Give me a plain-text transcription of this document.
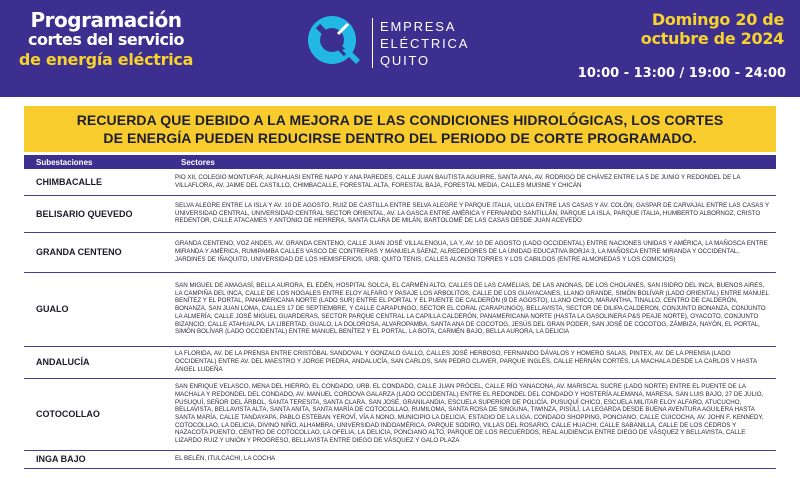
Programación
cortes del servicio
de energía eléctrica
EMPRESA
ELÉCTRICA
QUITO
Domingo 20 de
octubre de 2024
10:00 - 13:00 / 19:00 - 24:00
RECUERDA QUE DEBIDO A LA MEJORA DE LAS CONDICIONES HIDROLÓGICAS, LOS CORTES
DE ENERGÍA PUEDEN REDUCIRSE DENTRO DEL PERIODO DE CORTE PROGRAMADO.
Subestaciones	Sectores
CHIMBACALLE	PIO XII, COLEGIO MONTUFAR, ALPAHUASI ENTRE NAPO Y ANA PAREDES, CALLE JUAN BAUTISTA AGUIRRE, SANTA ANA, AV. RODRIGO DE CHÁVEZ ENTRE LA 5 DE JUNIO Y REDONDEL DE LA VILLAFLORA, AV. JAIME DEL CASTILLO, CHIMBACALLE, FORESTAL ALTA, FORESTAL BAJA, FORESTAL MEDIA, CALLES MUISNE Y CHICÁN
BELISARIO QUEVEDO	SELVA ALEGRE ENTRE LA ISLA Y AV. 10 DE AGOSTO, RUIZ DE CASTILLA ENTRE SELVA ALEGRE Y PARQUE ITALIA, ULLOA ENTRE LAS CASAS Y AV. COLÓN, GASPAR DE CARVAJAL ENTRE LAS CASAS Y UNIVERSIDAD CENTRAL, UNIVERSIDAD CENTRAL SECTOR ORIENTAL, AV. LA GASCA ENTRE AMÉRICA Y FERNANDO SANTILLÁN, PARQUE LA ISLA, PARQUE ITALIA, HUMBERTO ALBORNOZ, CRISTO REDENTOR, CALLE ATACAMES Y ANTONIO DE HERRERA, SANTA CLARA DE MILÁN, BARTOLOMÉ DE LAS CASAS DESDE JUAN ACEVEDO
GRANDA CENTENO	GRANDA CENTENO, VOZ ANDES, AV. GRANDA CENTENO, CALLE JUAN JOSÉ VILLALENGUA, LA Y, AV. 10 DE AGOSTO (LADO OCCIDENTAL) ENTRE NACIONES UNIDAS Y AMÉRICA, LA MAÑOSCA ENTRE MIRANDA Y AMÉRICA, RUMIPAMBA CALLES VASCO DE CONTRERAS Y MANUELA SÁENZ, ALREDEDORES DE LA UNIDAD EDUCATIVA BORJA 3, LA MAÑOSCA ENTRE MIRANDA Y OCCIDENTAL, JARDINES DE IÑAQUITO, UNIVERSIDAD DE LOS HEMISFERIOS, URB. QUITO TENIS, CALLES ALONSO TORRES Y LOS CABILDOS (ENTRE ALMONEDAS Y LOS COMICIOS)
GUALO	SAN MIGUEL DE AMAGASÍ, BELLA AURORA, EL EDÉN, HOSPITAL SOLCA, EL CARMÉN ALTO, CALLES DE LAS CAMELIAS, DE LAS ANONAS, DE LOS CHOLANES, SAN ISIDRO DEL INCA, BUENOS AIRES, LA CAMPIÑA DEL INCA, CALLE DE LOS NOGALES ENTRE ELOY ALFARO Y PASAJE LOS ARBOLITOS, CALLE DE LOS GUAYACANES, LLANO GRANDE, SIMÓN BOLÍVAR (LADO ORIENTAL) ENTRE MANUEL BENÍTEZ Y EL PORTAL, PANAMERICANA NORTE (LADO SUR) ENTRE EL PORTAL Y EL PUENTE DE CALDERÓN (9 DE AGOSTO), LLANO CHICO, MARANTHA, TINALLO, CENTRO DE CALDERÓN, BONANZA, SAN JUAN LOMA, CALLES 17 DE SEPTIEMBRE, Y CALLE CARAPUNGO, SECTOR EL CORAL (CARAPUNGO), BELLAVISTA, SECTOR DE DILIPA CALDERON, CONJUNTO BONANZA, CONJUNTO LA ALMERÍA, CALLE JOSÉ MIGUEL GUARDERAS, SECTOR PARQUE CENTRAL LA CAPILLA CALDERÓN, PANAMERICANA NORTE (HASTA LA GASOLINERA P&S PEAJE NORTE), OYACOTO, CONJUNTO BIZANCIO, CALLE ATAHUALPA, LA LIBERTAD, GUALO, LA DOLOROSA, ALVAROPAMBA, SANTA ANA DE COCOTOG, JESÚS DEL GRAN PODER, SAN JOSÉ DE COCOTOG, ZÁMBIZA, NAYÓN, EL PORTAL, SIMÓN BOLÍVAR (LADO OCCIDENTAL) ENTRE MANUEL BENÍTEZ Y EL PORTAL, LA BOTA, CARMÉN BAJO, BELLA AURORA, LA DELICIA
ANDALUCÍA	LA FLORIDA, AV. DE LA PRENSA ENTRE CRISTÓBAL SANDOVAL Y GONZALO GALLO, CALLES JOSÉ HERBOSO, FERNANDO DÁVALOS Y HOMERO SALAS, PINTEX, AV. DE LA PRENSA (LADO OCCIDENTAL) ENTRE AV. DEL MAESTRO Y JORGE PIEDRA, ANDALUCÍA, SAN CARLOS, SAN PEDRO CLAVER, PARQUE INGLÉS, CALLE HERNÁN CORTÉS, LA MACHALA DESDE LA CARLOS V HASTA ÁNGEL LUDEÑA
COTOCOLLAO	SAN ENRIQUE VELASCO, MENA DEL HIERRO, EL CONDADO, URB. EL CONDADO, CALLE JUAN PRÓCEL, CALLE RÍO YANACONA, AV. MARISCAL SUCRE (LADO NORTE) ENTRE EL PUENTE DE LA MACHALA Y REDONDEL DEL CONDADO, AV. MANUEL CORDOVA GALARZA (LADO OCCIDENTAL) ENTRE EL REDONDEL DEL CONDADO Y HOSTERÍA ALEMANA, MARESA, SAN LUIS BAJO, 27 DE JULIO, PUSUQUÍ, SEÑOR DEL ÁRBOL, SANTA TERESITA, SANTA CLARA, SAN JOSÉ, GRANILANDIA, ESCUELA SUPERIOR DE POLICÍA, PUSUQUÍ CHICO, ESCUELA MILITAR ELOY ALFARO, ATUCUCHO, BELLAVISTA, BELLAVISTA ALTA, SANTA ANITA, SANTA MARÍA DE COTOCOLLAO, RUMILOMA, SANTA ROSA DE SINGUNA, TIWINZA, PISULÍ, LA LEGARDA DESDE BUENA AVENTURA AGUILERA HASTA SANTA MARÍA, CALLE TANDAYAPA, PABLO ESTEBAN YEROVÍ, VÍA A NONO, MUNICIPIO LA DELICIA, ESTADIO DE LA LIGA, CONDADO SHOPPING, PONCIANO, CALLE CUICOCHA, AV. JOHN F. KENNEDY, COTOCOLLAO, LA DELICIA, DIVINO NIÑO, ALHAMBRA, UNIVERSIDAD INDOAMÉRICA, PARQUE SODIRO, VILLAS DEL ROSARIO, CALLE HUACHI, CALLE SABANILLA, CALLE DE LOS CEDROS Y NAZACOTA PUENTO, CENTRO DE COTOCOLLAO, LA OFELIA, LA DELICIA, PONCIANO ALTO, PARQUE DE LOS RECUERDOS, REAL AUDIENCIA ENTRE DIEGO DE VÁSQUEZ Y BELLAVISTA, CALLE LIZARDO RUIZ Y UNIÓN Y PROGRESO, BELLAVISTA ENTRE DIEGO DE VÁSQUEZ Y GALO PLAZA
INGA BAJO	EL BELÉN, ITULCACHI, LA COCHA
